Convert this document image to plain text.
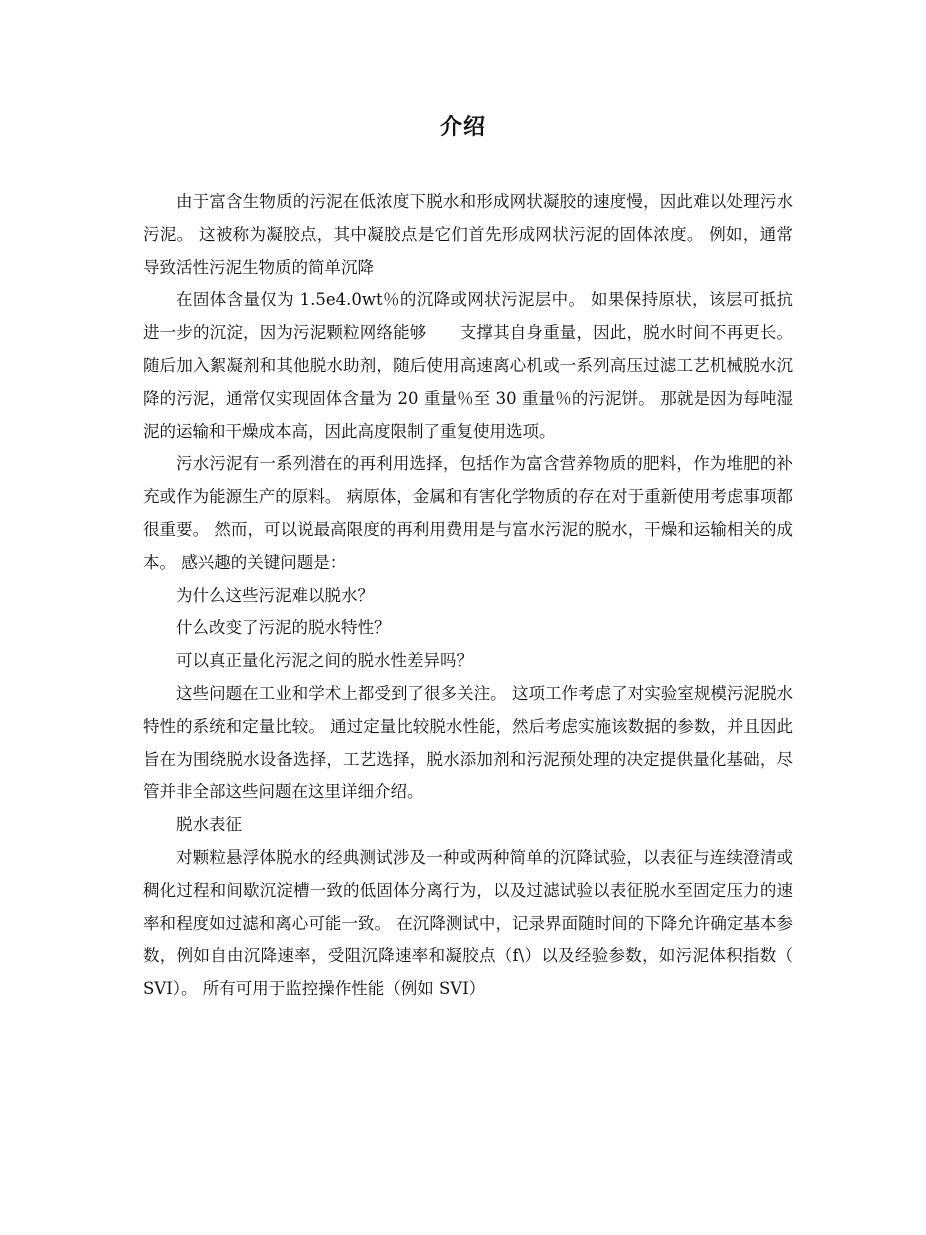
介绍

由于富含生物质的污泥在低浓度下脱水和形成网状凝胶的速度慢，因此难以处理污水污泥。 这被称为凝胶点，其中凝胶点是它们首先形成网状污泥的固体浓度。 例如，通常导致活性污泥生物质的简单沉降

在固体含量仅为 1.5e4.0wt％的沉降或网状污泥层中。 如果保持原状，该层可抵抗进一步的沉淀，因为污泥颗粒网络能够　　支撑其自身重量，因此，脱水时间不再更长。 随后加入絮凝剂和其他脱水助剂，随后使用高速离心机或一系列高压过滤工艺机械脱水沉降的污泥，通常仅实现固体含量为 20 重量％至 30 重量％的污泥饼。 那就是因为每吨湿泥的运输和干燥成本高，因此高度限制了重复使用选项。

污水污泥有一系列潜在的再利用选择，包括作为富含营养物质的肥料，作为堆肥的补充或作为能源生产的原料。 病原体，金属和有害化学物质的存在对于重新使用考虑事项都很重要。 然而，可以说最高限度的再利用费用是与富水污泥的脱水，干燥和运输相关的成本。 感兴趣的关键问题是：

为什么这些污泥难以脱水？

什么改变了污泥的脱水特性？

可以真正量化污泥之间的脱水性差异吗？

这些问题在工业和学术上都受到了很多关注。 这项工作考虑了对实验室规模污泥脱水特性的系统和定量比较。 通过定量比较脱水性能，然后考虑实施该数据的参数，并且因此旨在为围绕脱水设备选择，工艺选择，脱水添加剂和污泥预处理的决定提供量化基础，尽管并非全部这些问题在这里详细介绍。

脱水表征

对颗粒悬浮体脱水的经典测试涉及一种或两种简单的沉降试验，以表征与连续澄清或稠化过程和间歇沉淀槽一致的低固体分离行为，以及过滤试验以表征脱水至固定压力的速率和程度如过滤和离心可能一致。 在沉降测试中，记录界面随时间的下降允许确定基本参数，例如自由沉降速率，受阻沉降速率和凝胶点（f\）以及经验参数，如污泥体积指数（ SVI）。 所有可用于监控操作性能（例如 SVI）
